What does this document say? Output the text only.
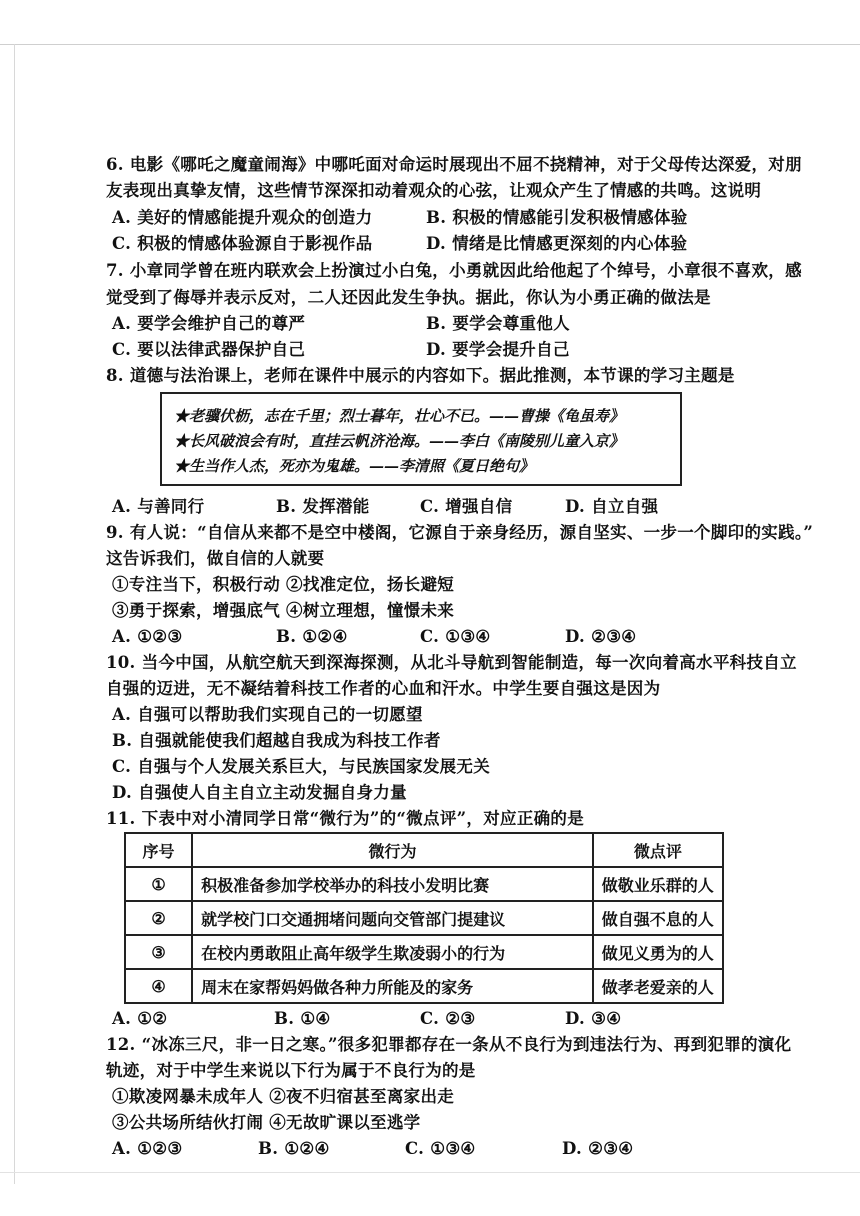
6. 电影《哪吒之魔童闹海》中哪吒面对命运时展现出不屈不挠精神，对于父母传达深爱，对朋
友表现出真挚友情，这些情节深深扣动着观众的心弦，让观众产生了情感的共鸣。这说明
A. 美好的情感能提升观众的创造力	B. 积极的情感能引发积极情感体验
C. 积极的情感体验源自于影视作品	D. 情绪是比情感更深刻的内心体验
7. 小章同学曾在班内联欢会上扮演过小白兔，小勇就因此给他起了个绰号，小章很不喜欢，感
觉受到了侮辱并表示反对，二人还因此发生争执。据此，你认为小勇正确的做法是
A. 要学会维护自己的尊严	B. 要学会尊重他人
C. 要以法律武器保护自己	D. 要学会提升自己
8. 道德与法治课上，老师在课件中展示的内容如下。据此推测，本节课的学习主题是
★老骥伏枥，志在千里；烈士暮年，壮心不已。——曹操《龟虽寿》
★长风破浪会有时，直挂云帆济沧海。——李白《南陵别儿童入京》
★生当作人杰，死亦为鬼雄。——李清照《夏日绝句》
A. 与善同行	B. 发挥潜能	C. 增强自信	D. 自立自强
9. 有人说：“自信从来都不是空中楼阁，它源自于亲身经历，源自坚实、一步一个脚印的实践。”
这告诉我们，做自信的人就要
①专注当下，积极行动 ②找准定位，扬长避短
③勇于探索，增强底气 ④树立理想，憧憬未来
A. ①②③	B. ①②④	C. ①③④	D. ②③④
10. 当今中国，从航空航天到深海探测，从北斗导航到智能制造，每一次向着高水平科技自立
自强的迈进，无不凝结着科技工作者的心血和汗水。中学生要自强这是因为
A. 自强可以帮助我们实现自己的一切愿望
B. 自强就能使我们超越自我成为科技工作者
C. 自强与个人发展关系巨大，与民族国家发展无关
D. 自强使人自主自立主动发掘自身力量
11. 下表中对小清同学日常“微行为”的“微点评”，对应正确的是
序号	微行为	微点评
①	积极准备参加学校举办的科技小发明比赛	做敬业乐群的人
②	就学校门口交通拥堵问题向交管部门提建议	做自强不息的人
③	在校内勇敢阻止高年级学生欺凌弱小的行为	做见义勇为的人
④	周末在家帮妈妈做各种力所能及的家务	做孝老爱亲的人
A. ①②	B. ①④	C. ②③	D. ③④
12. “冰冻三尺，非一日之寒。”很多犯罪都存在一条从不良行为到违法行为、再到犯罪的演化
轨迹，对于中学生来说以下行为属于不良行为的是
①欺凌网暴未成年人 ②夜不归宿甚至离家出走
③公共场所结伙打闹 ④无故旷课以至逃学
A. ①②③	B. ①②④	C. ①③④	D. ②③④
